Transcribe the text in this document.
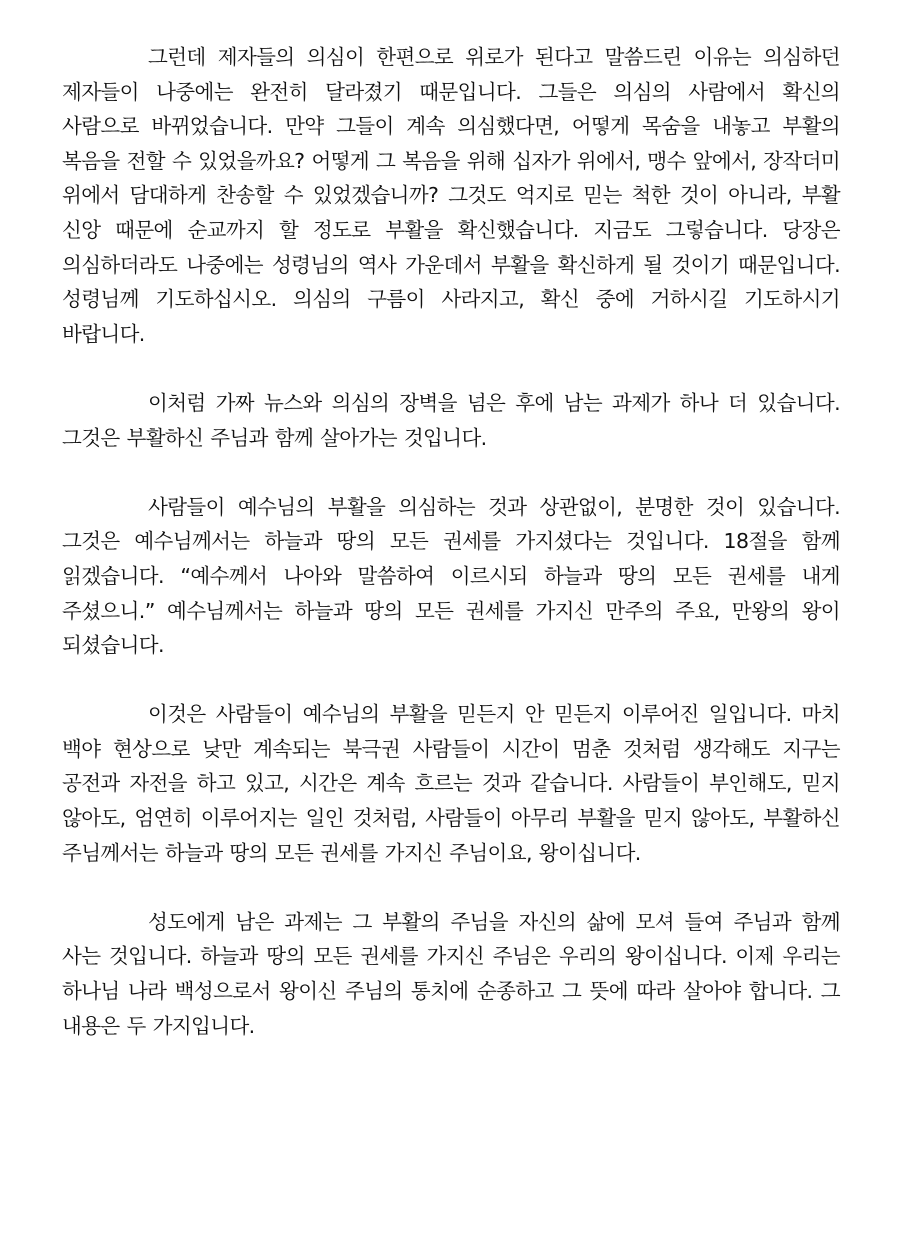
그런데 제자들의 의심이 한편으로 위로가 된다고 말씀드린 이유는 의심하던 제자들이 나중에는 완전히 달라졌기 때문입니다. 그들은 의심의 사람에서 확신의 사람으로 바뀌었습니다. 만약 그들이 계속 의심했다면, 어떻게 목숨을 내놓고 부활의 복음을 전할 수 있었을까요? 어떻게 그 복음을 위해 십자가 위에서, 맹수 앞에서, 장작더미 위에서 담대하게 찬송할 수 있었겠습니까? 그것도 억지로 믿는 척한 것이 아니라, 부활 신앙 때문에 순교까지 할 정도로 부활을 확신했습니다. 지금도 그렇습니다. 당장은 의심하더라도 나중에는 성령님의 역사 가운데서 부활을 확신하게 될 것이기 때문입니다. 성령님께 기도하십시오. 의심의 구름이 사라지고, 확신 중에 거하시길 기도하시기 바랍니다.

이처럼 가짜 뉴스와 의심의 장벽을 넘은 후에 남는 과제가 하나 더 있습니다. 그것은 부활하신 주님과 함께 살아가는 것입니다.

사람들이 예수님의 부활을 의심하는 것과 상관없이, 분명한 것이 있습니다. 그것은 예수님께서는 하늘과 땅의 모든 권세를 가지셨다는 것입니다. 18절을 함께 읽겠습니다. “예수께서 나아와 말씀하여 이르시되 하늘과 땅의 모든 권세를 내게 주셨으니.” 예수님께서는 하늘과 땅의 모든 권세를 가지신 만주의 주요, 만왕의 왕이 되셨습니다.

이것은 사람들이 예수님의 부활을 믿든지 안 믿든지 이루어진 일입니다. 마치 백야 현상으로 낮만 계속되는 북극권 사람들이 시간이 멈춘 것처럼 생각해도 지구는 공전과 자전을 하고 있고, 시간은 계속 흐르는 것과 같습니다. 사람들이 부인해도, 믿지 않아도, 엄연히 이루어지는 일인 것처럼, 사람들이 아무리 부활을 믿지 않아도, 부활하신 주님께서는 하늘과 땅의 모든 권세를 가지신 주님이요, 왕이십니다.

성도에게 남은 과제는 그 부활의 주님을 자신의 삶에 모셔 들여 주님과 함께 사는 것입니다. 하늘과 땅의 모든 권세를 가지신 주님은 우리의 왕이십니다. 이제 우리는 하나님 나라 백성으로서 왕이신 주님의 통치에 순종하고 그 뜻에 따라 살아야 합니다. 그 내용은 두 가지입니다.
